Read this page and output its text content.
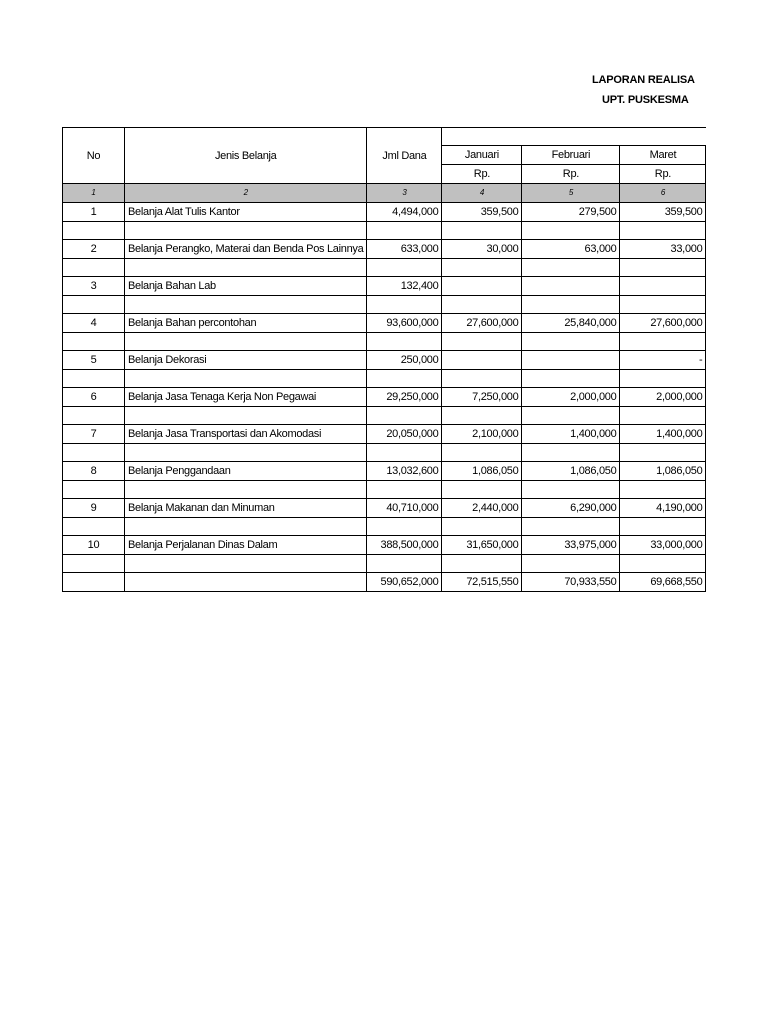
LAPORAN REALISA
UPT. PUSKESMA
No	Jenis Belanja	Jml Dana			
			Januari	Februari	Maret
			Rp.	Rp.	Rp.
1	2	3	4	5	6
1	Belanja Alat Tulis Kantor	4,494,000	359,500	279,500	359,500

2	Belanja Perangko, Materai dan Benda Pos Lainnya	633,000	30,000	63,000	33,000

3	Belanja Bahan Lab	132,400			

4	Belanja Bahan percontohan	93,600,000	27,600,000	25,840,000	27,600,000

5	Belanja Dekorasi	250,000			-

6	Belanja Jasa Tenaga Kerja Non Pegawai	29,250,000	7,250,000	2,000,000	2,000,000

7	Belanja Jasa Transportasi dan Akomodasi	20,050,000	2,100,000	1,400,000	1,400,000

8	Belanja Penggandaan	13,032,600	1,086,050	1,086,050	1,086,050

9	Belanja Makanan dan Minuman	40,710,000	2,440,000	6,290,000	4,190,000

10	Belanja Perjalanan Dinas Dalam	388,500,000	31,650,000	33,975,000	33,000,000

		590,652,000	72,515,550	70,933,550	69,668,550
